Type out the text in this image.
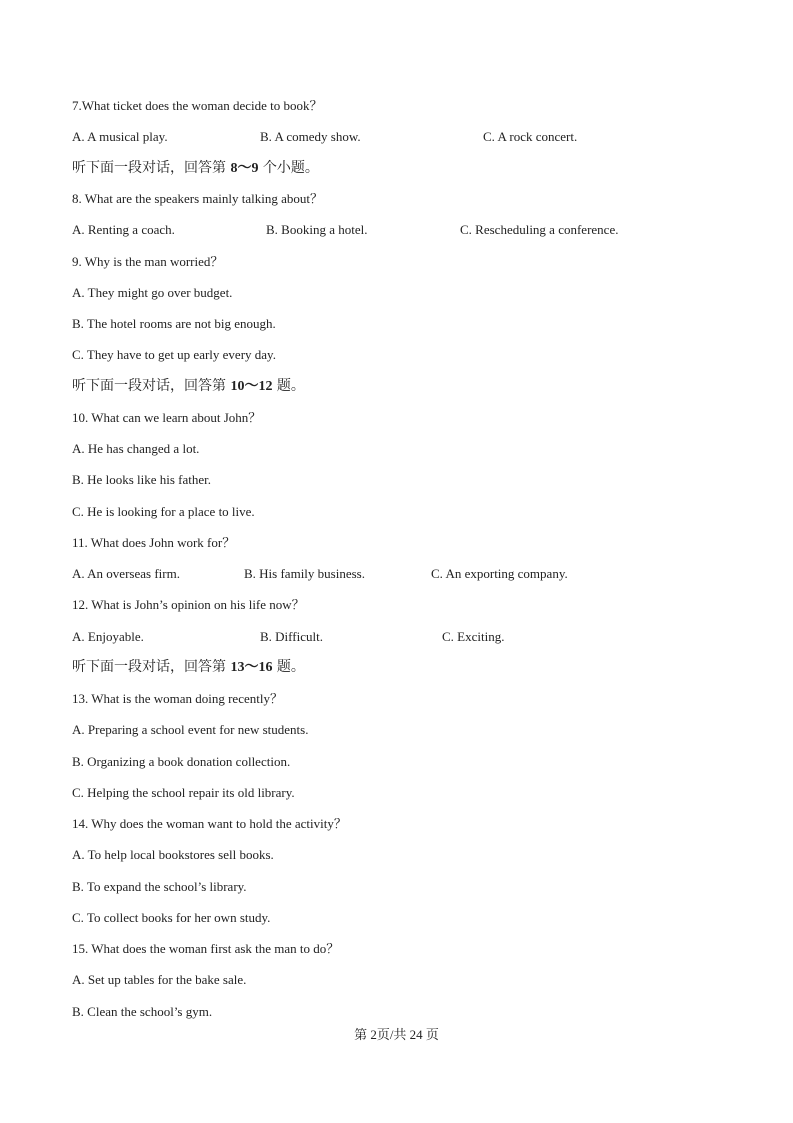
7.What ticket does the woman decide to book？
A. A musical play.	B. A comedy show.	C. A rock concert.
听下面一段对话，回答第 8～9 个小题。
8. What are the speakers mainly talking about？
A. Renting a coach.	B. Booking a hotel.	C. Rescheduling a conference.
9. Why is the man worried？
A. They might go over budget.
B. The hotel rooms are not big enough.
C. They have to get up early every day.
听下面一段对话，回答第 10～12 题。
10. What can we learn about John？
A. He has changed a lot.
B. He looks like his father.
C. He is looking for a place to live.
11. What does John work for？
A. An overseas firm.	B. His family business.	C. An exporting company.
12. What is John’s opinion on his life now？
A. Enjoyable.	B. Difficult.	C. Exciting.
听下面一段对话，回答第 13～16 题。
13. What is the woman doing recently？
A. Preparing a school event for new students.
B. Organizing a book donation collection.
C. Helping the school repair its old library.
14. Why does the woman want to hold the activity？
A. To help local bookstores sell books.
B. To expand the school’s library.
C. To collect books for her own study.
15. What does the woman first ask the man to do？
A. Set up tables for the bake sale.
B. Clean the school’s gym.
第 2页/共 24 页
